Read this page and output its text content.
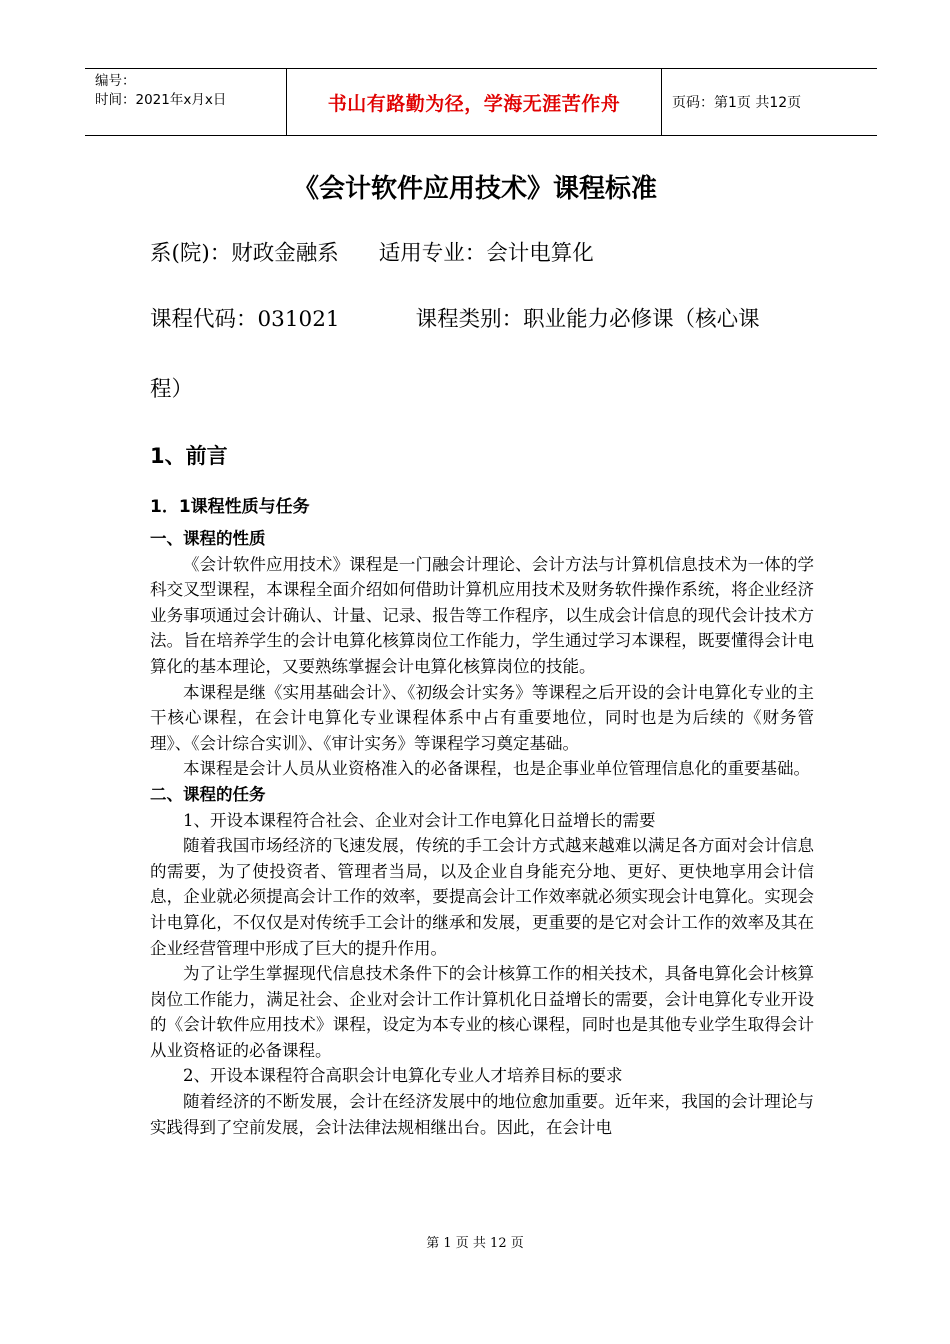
编号：
时间：2021年x月x日	书山有路勤为径，学海无涯苦作舟	页码：第1页 共12页
《会计软件应用技术》课程标准
系(院)：财政金融系 适用专业：会计电算化
课程代码：031021	课程类别：职业能力必修课（核心课
程）
1、前言
1．1课程性质与任务
一、课程的性质

《会计软件应用技术》课程是一门融会计理论、会计方法与计算机信息技术为一体的学科交叉型课程，本课程全面介绍如何借助计算机应用技术及财务软件操作系统，将企业经济业务事项通过会计确认、计量、记录、报告等工作程序，以生成会计信息的现代会计技术方法。旨在培养学生的会计电算化核算岗位工作能力，学生通过学习本课程，既要懂得会计电算化的基本理论，又要熟练掌握会计电算化核算岗位的技能。

本课程是继《实用基础会计》、《初级会计实务》等课程之后开设的会计电算化专业的主干核心课程，在会计电算化专业课程体系中占有重要地位，同时也是为后续的《财务管理》、《会计综合实训》、《审计实务》等课程学习奠定基础。

本课程是会计人员从业资格准入的必备课程，也是企事业单位管理信息化的重要基础。

二、课程的任务

1、开设本课程符合社会、企业对会计工作电算化日益增长的需要

随着我国市场经济的飞速发展，传统的手工会计方式越来越难以满足各方面对会计信息的需要，为了使投资者、管理者当局，以及企业自身能充分地、更好、更快地享用会计信息，企业就必须提高会计工作的效率，要提高会计工作效率就必须实现会计电算化。实现会计电算化，不仅仅是对传统手工会计的继承和发展，更重要的是它对会计工作的效率及其在企业经营管理中形成了巨大的提升作用。

为了让学生掌握现代信息技术条件下的会计核算工作的相关技术，具备电算化会计核算岗位工作能力，满足社会、企业对会计工作计算机化日益增长的需要，会计电算化专业开设的《会计软件应用技术》课程，设定为本专业的核心课程，同时也是其他专业学生取得会计从业资格证的必备课程。

2、开设本课程符合高职会计电算化专业人才培养目标的要求

随着经济的不断发展，会计在经济发展中的地位愈加重要。近年来，我国的会计理论与实践得到了空前发展，会计法律法规相继出台。因此，在会计电

第 1 页 共 12 页
